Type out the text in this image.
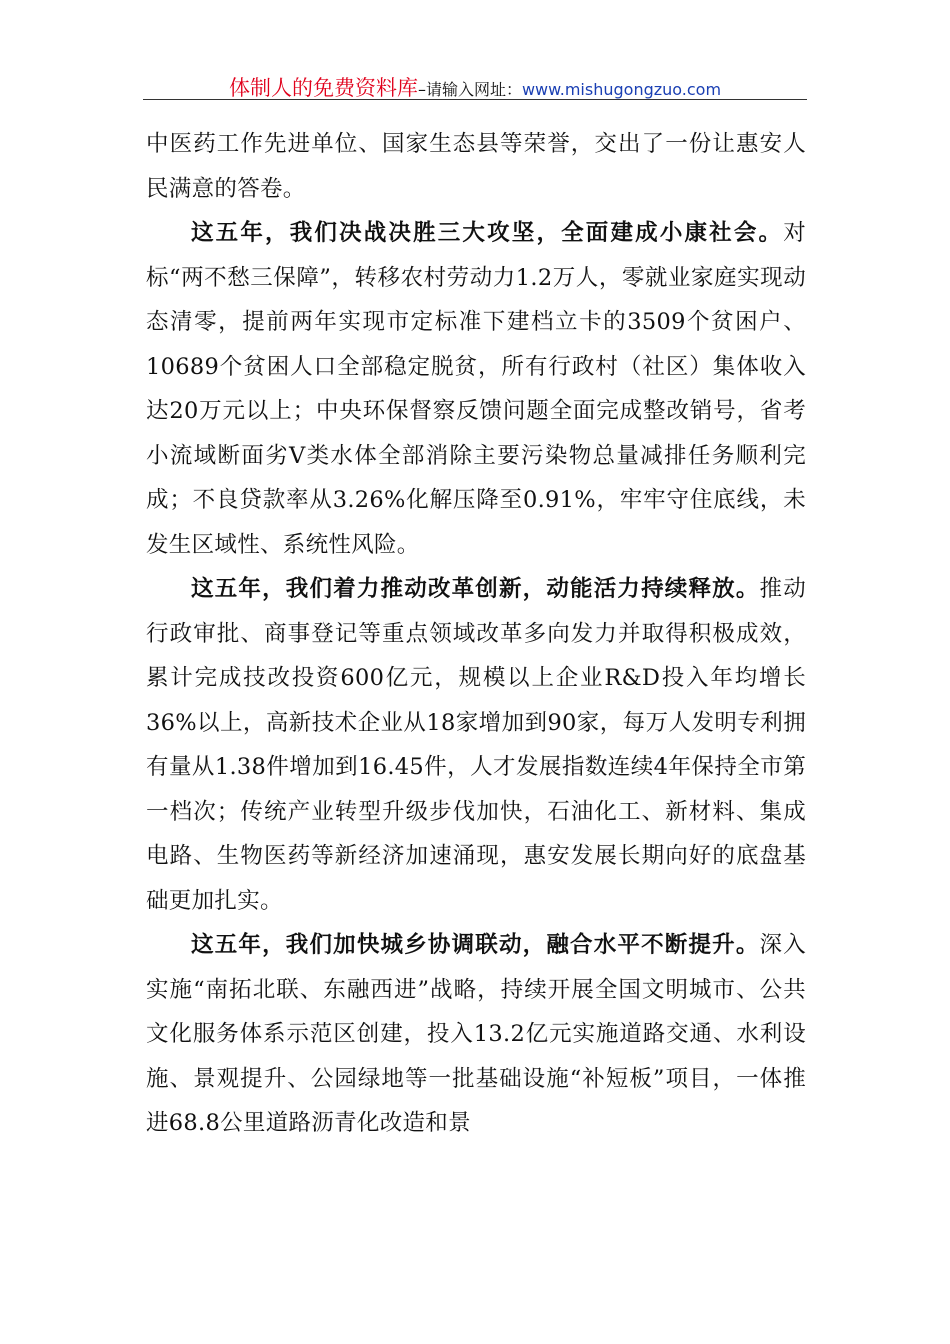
体制人的免费资料库–请输入网址：www.mishugongzuo.com

中医药工作先进单位、国家生态县等荣誉，交出了一份让惠安人民满意的答卷。

这五年，我们决战决胜三大攻坚，全面建成小康社会。对标“两不愁三保障”，转移农村劳动力1.2万人，零就业家庭实现动态清零，提前两年实现市定标准下建档立卡的3509个贫困户、10689个贫困人口全部稳定脱贫，所有行政村（社区）集体收入达20万元以上；中央环保督察反馈问题全面完成整改销号，省考小流域断面劣Ⅴ类水体全部消除主要污染物总量减排任务顺利完成；不良贷款率从3.26%化解压降至0.91%，牢牢守住底线，未发生区域性、系统性风险。

这五年，我们着力推动改革创新，动能活力持续释放。推动行政审批、商事登记等重点领域改革多向发力并取得积极成效，累计完成技改投资600亿元，规模以上企业R&D投入年均增长36%以上，高新技术企业从18家增加到90家，每万人发明专利拥有量从1.38件增加到16.45件，人才发展指数连续4年保持全市第一档次；传统产业转型升级步伐加快，石油化工、新材料、集成电路、生物医药等新经济加速涌现，惠安发展长期向好的底盘基础更加扎实。

这五年，我们加快城乡协调联动，融合水平不断提升。深入实施“南拓北联、东融西进”战略，持续开展全国文明城市、公共文化服务体系示范区创建，投入13.2亿元实施道路交通、水利设施、景观提升、公园绿地等一批基础设施“补短板”项目，一体推进68.8公里道路沥青化改造和景
